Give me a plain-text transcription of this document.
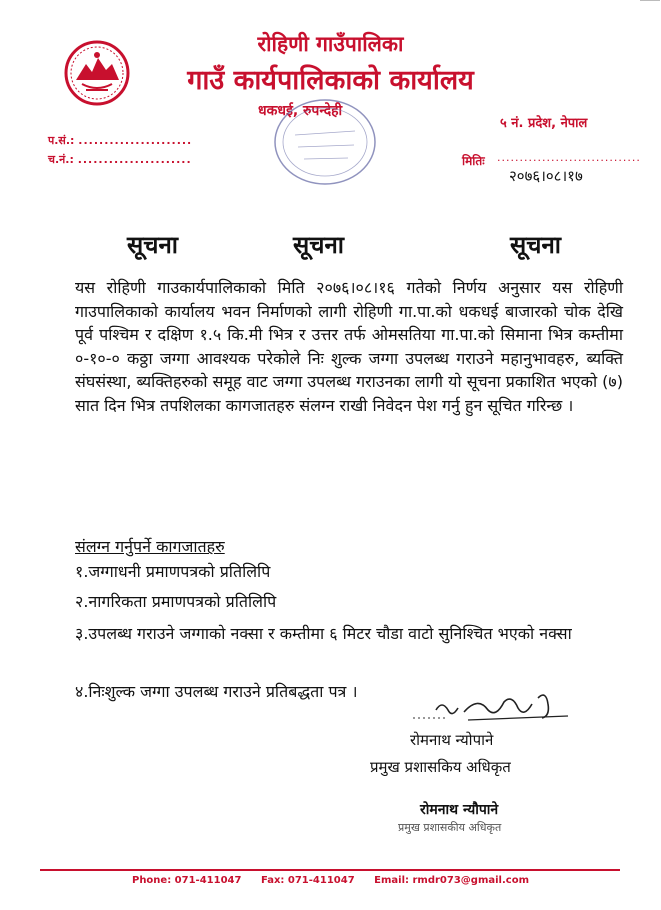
रोहिणी गाउँपालिका
गाउँ कार्यपालिकाको कार्यालय
धकधई, रुपन्देही
५ नं. प्रदेश, नेपाल
प.सं.: ......................
च.नं.: ......................	मितिः ................................
२०७६।०८।१७
सूचना	सूचना	सूचना
यस रोहिणी गाउकार्यपालिकाको मिति २०७६।०८।१६ गतेको निर्णय अनुसार यस रोहिणी गाउपालिकाको कार्यालय भवन निर्माणको लागी रोहिणी गा.पा.को धकधई बाजारको चोक देखि पूर्व पश्चिम र दक्षिण १.५ कि.मी भित्र र उत्तर तर्फ ओमसतिया गा.पा.को सिमाना भित्र कम्तीमा ०-१०-० कठ्ठा जग्गा आवश्यक परेकोले निः शुल्क जग्गा उपलब्ध गराउने महानुभावहरु, ब्यक्ति संघसंस्था, ब्यक्तिहरुको समूह वाट जग्गा उपलब्ध गराउनका लागी यो सूचना प्रकाशित भएको (७) सात दिन भित्र तपशिलका कागजातहरु संलग्न राखी निवेदन पेश गर्नु हुन सूचित गरिन्छ ।
संलग्न गर्नुपर्ने कागजातहरु
१.जग्गाधनी प्रमाणपत्रको प्रतिलिपि
२.नागरिकता प्रमाणपत्रको प्रतिलिपि
३.उपलब्ध गराउने जग्गाको नक्सा र कम्तीमा ६ मिटर चौडा वाटो सुनिश्चित भएको नक्सा
४.निःशुल्क जग्गा उपलब्ध गराउने प्रतिबद्धता पत्र ।
रोमनाथ न्योपाने
प्रमुख प्रशासकिय अधिकृत
रोमनाथ न्यौपाने
प्रमुख प्रशासकीय अधिकृत
Phone: 071-411047 Fax: 071-411047 Email: rmdr073@gmail.com
